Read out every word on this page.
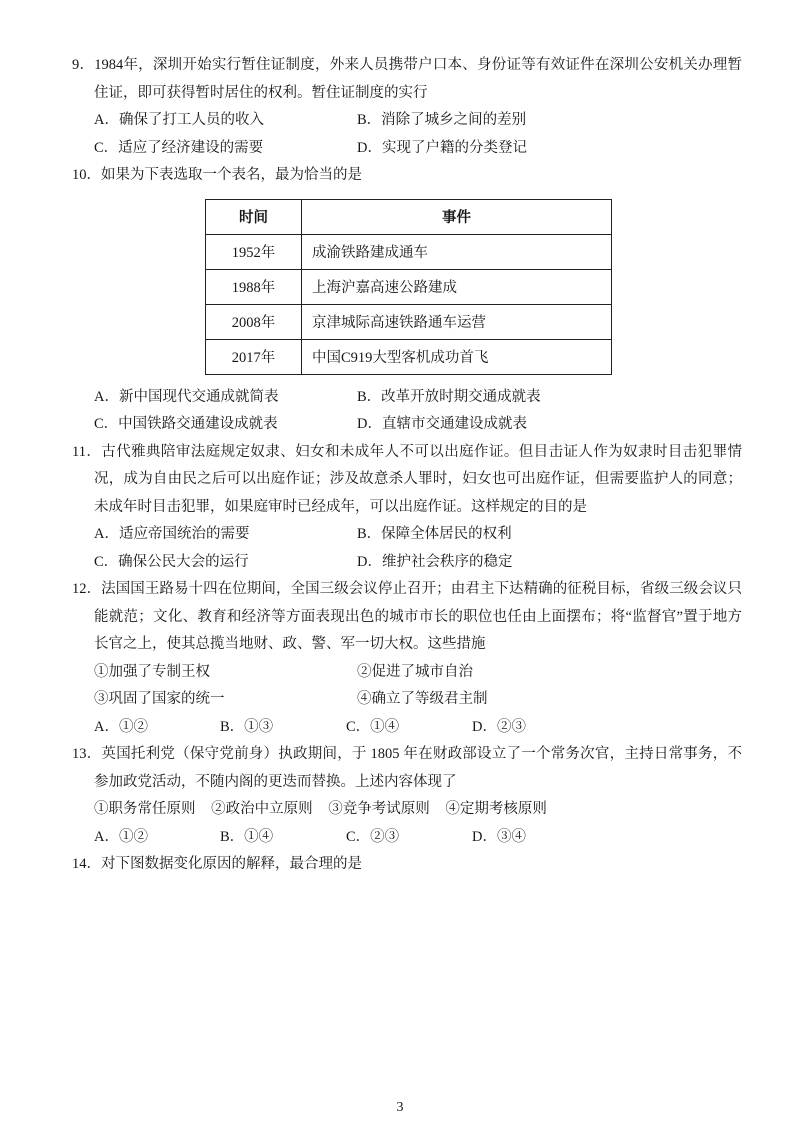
9．1984年，深圳开始实行暂住证制度，外来人员携带户口本、身份证等有效证件在深圳公安机关办理暂住证，即可获得暂时居住的权利。暂住证制度的实行

A．确保了打工人员的收入	B．消除了城乡之间的差别
C．适应了经济建设的需要	D．实现了户籍的分类登记

10．如果为下表选取一个表名，最为恰当的是

时间	事件
1952年	成渝铁路建成通车
1988年	上海沪嘉高速公路建成
2008年	京津城际高速铁路通车运营
2017年	中国C919大型客机成功首飞
A．新中国现代交通成就简表	B．改革开放时期交通成就表
C．中国铁路交通建设成就表	D．直辖市交通建设成就表

11．古代雅典陪审法庭规定奴隶、妇女和未成年人不可以出庭作证。但目击证人作为奴隶时目击犯罪情况，成为自由民之后可以出庭作证；涉及故意杀人罪时，妇女也可出庭作证，但需要监护人的同意；未成年时目击犯罪，如果庭审时已经成年，可以出庭作证。这样规定的目的是

A．适应帝国统治的需要	B．保障全体居民的权利
C．确保公民大会的运行	D．维护社会秩序的稳定

12．法国国王路易十四在位期间，全国三级会议停止召开；由君主下达精确的征税目标，省级三级会议只能就范；文化、教育和经济等方面表现出色的城市市长的职位也任由上面摆布；将“监督官”置于地方长官之上，使其总揽当地财、政、警、军一切大权。这些措施

①加强了专制王权	②促进了城市自治
③巩固了国家的统一	④确立了等级君主制
A．①②	B．①③	C．①④	D．②③

13．英国托利党（保守党前身）执政期间，于 1805 年在财政部设立了一个常务次官，主持日常事务，不参加政党活动，不随内阁的更迭而替换。上述内容体现了

①职务常任原则 ②政治中立原则 ③竞争考试原则 ④定期考核原则
A．①②	B．①④	C．②③	D．③④

14．对下图数据变化原因的解释，最合理的是

3
